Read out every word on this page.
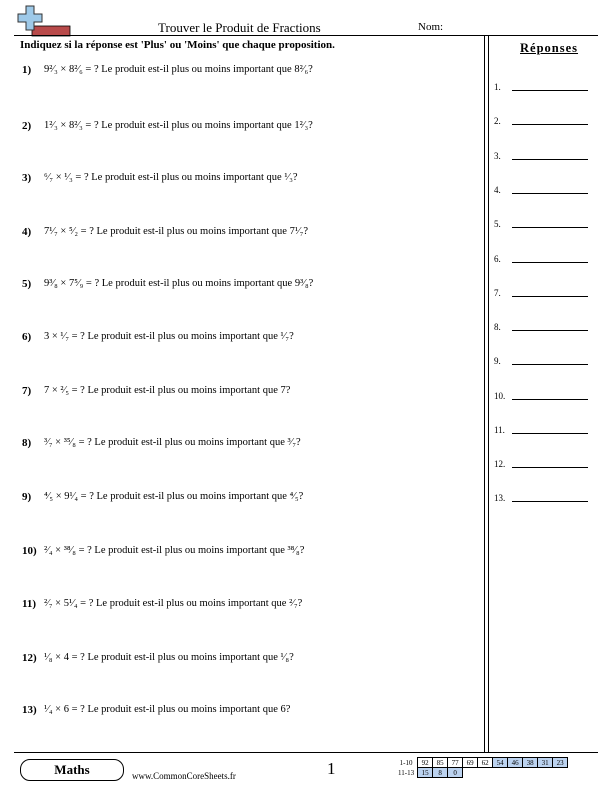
Trouver le Produit de Fractions	Nom:
Indiquez si la réponse est 'Plus' ou 'Moins' que chaque proposition.
1) 9²⁄₃ × 8²⁄₆ = ? Le produit est-il plus ou moins important que 8²⁄₆?
2) 1²⁄₃ × 8²⁄₃ = ? Le produit est-il plus ou moins important que 1²⁄₃?
3) ⁶⁄₇ × ¹⁄₃ = ? Le produit est-il plus ou moins important que ¹⁄₃?
4) 7¹⁄₇ × ⁵⁄₂ = ? Le produit est-il plus ou moins important que 7¹⁄₇?
5) 9³⁄₈ × 7⁵⁄₉ = ? Le produit est-il plus ou moins important que 9³⁄₈?
6) 3 × ¹⁄₇ = ? Le produit est-il plus ou moins important que ¹⁄₇?
7) 7 × ²⁄₅ = ? Le produit est-il plus ou moins important que 7?
8) ³⁄₇ × ³⁵⁄₈ = ? Le produit est-il plus ou moins important que ³⁄₇?
9) ⁴⁄₅ × 9¹⁄₄ = ? Le produit est-il plus ou moins important que ⁴⁄₅?
10) ²⁄₄ × ³⁸⁄₈ = ? Le produit est-il plus ou moins important que ³⁸⁄₈?
11) ²⁄₇ × 5¹⁄₄ = ? Le produit est-il plus ou moins important que ²⁄₇?
12) ¹⁄₈ × 4 = ? Le produit est-il plus ou moins important que ¹⁄₈?
13) ¹⁄₄ × 6 = ? Le produit est-il plus ou moins important que 6?
Réponses
1.
2.
3.
4.
5.
6.
7.
8.
9.
10.
11.
12.
13.
Maths	www.CommonCoreSheets.fr	1	1-10	92	85	77	69	62	54	46	38	31	23
11-13	15	8	0							
